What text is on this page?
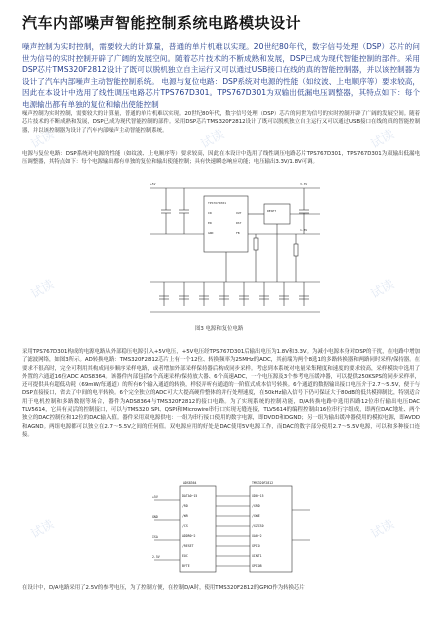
汽车内部噪声智能控制系统电路模块设计

噪声控制为实时控制，需要较大的计算量，普通的单片机难以实现。20世纪80年代，数字信号处理（DSP）芯片的问世为信号的实时控制开辟了广阔的发展空间。随着芯片技术的不断成熟和发展，DSP已成为现代智能控制的部件。采用DSP芯片TMS320F2812设计了既可以脱机独立自主运行又可以通过USB接口在线的真的智能控制器，并以该控制器为设计了汽车内部噪声主动智能控制系统。 电源与复位电路：DSP系统对电源的性能（如纹波、上电顺序等）要求较高，因此在本设计中选用了线性调压电路芯片TPS767D301。TPS767D301为双输出低漏电压调整器，其特点如下：每个电源输出都有单独的复位和输出使能控制

噪声控制为实时控制，需要较大的计算量，普通的单片机难以实现。20世纪80年代，数字信号处理（DSP）芯片的问世为信号的实时控制开辟了广阔的发展空间。随着芯片技术的不断成熟和发展，DSP已成为现代智能控制的部件。采用DSP芯片TMS320F2812设计了既可以脱机独立自主运行又可以通过USB接口在线的真的智能控制器，并以该控制器为设计了汽车内部噪声主动智能控制系统。

电源与复位电路：DSP系统对电源的性能（如纹波、上电顺序等）要求较高，因此在本设计中选用了线性调压电路芯片TPS767D301，TPS767D301为双输出低漏电压调整器，其特点如下：每个电源输出都有单独的复位和输出使能控制；具有快速瞬态响应功能；电压输出3.3V/1.8V可调。

TPS767D301
IN	OUT
EN	RST
GND	FB
RESET
+5V	3.3V
1.8V
图3 电源和复位电路

采用TPS767D301构成的电源电路从外部稳压电源引入+5V电压，+5V电压经TPS767D301后输出电压为1.8V和3.3V。为减小电源本身对DSP的干扰，在电路中增加了滤波网络，如图3所示。AD转换电路：TMS320F2812芯片上有一个12位、转换频率为25MHz的ADC，其前端为两个8选1的多路转换器和两路同时采样/保持器。在要求不很高时，完全可利用其构成同步顺序采样电路，或者增加外部采样保持器后构成同步采样。考虑到本系统对电量采集精度和速度的要求较高，采样模块中选用了外置的六通道16位ADC ADS8364。该器件内部包括6个高速采样/保持放大器、6个高速ADC，一个电压源及3个参考电压缓冲器，可以提供250KSPS的同步采样率，还可提供具有超低功耗（69mW/每通道）的所有6个输入通道的转换，样驳弄听有通道的一阶值式成本信号转换。6个通道的数据输出接口电压介于2.7～5.5V，便于与DSP直接接口，省去了中间的电平转换。6个完全独立的ADC可大大提高硬件整体的并行处理速度，在50kHz输入信号下仍可保证大于80dB的低共模抑制比，特别适合用于电机控制和多路数据等场合，器件为ADS8364与TMS320F2812的接口电路。为了实现系统的控制功能，D/A转换电路中选用四路12位串行输出电压DAC TLV5614，它具有灵活的控制接口，可以与TMS320 SPI、QSPI和Microwire串行口实现无缝连接，TLV5614的编程控制由16位串行字组成，即两位DAC地址、两个独立的DAC控制位和12位的DAC输入值。器件采用双电源供电：一组为串行接口使用的数字电源，即DVDD和DGND；另一组为输出缓冲器使用的模拟电源，即AVDD和AGND。两组电源都可以独立在2.7～5.5V之间的任何值。双电源应用的好处是DAC使用5V电源工作，而DAC的数字部分使用2.7～5.5V电源，可以和多种接口连接。

ADS8364	TMS320F2812
DATA0~15
/RD
/WR
/CS
ADDR0~2
/RESET
EOC
BYTE
XD0~15
/XRD
/XWE
/XZCS0
XA0~2
GPIO
XINT1
GPIOB
+5V
GND
ISA
2.5V

在设计中，D/A电路采用了2.5V的参考电压，为了控制方便，在控制D/A时，使用TMS320F2812的GPIO作为转换芯片

试读	试读	试读
试读	试读
试读	试读
